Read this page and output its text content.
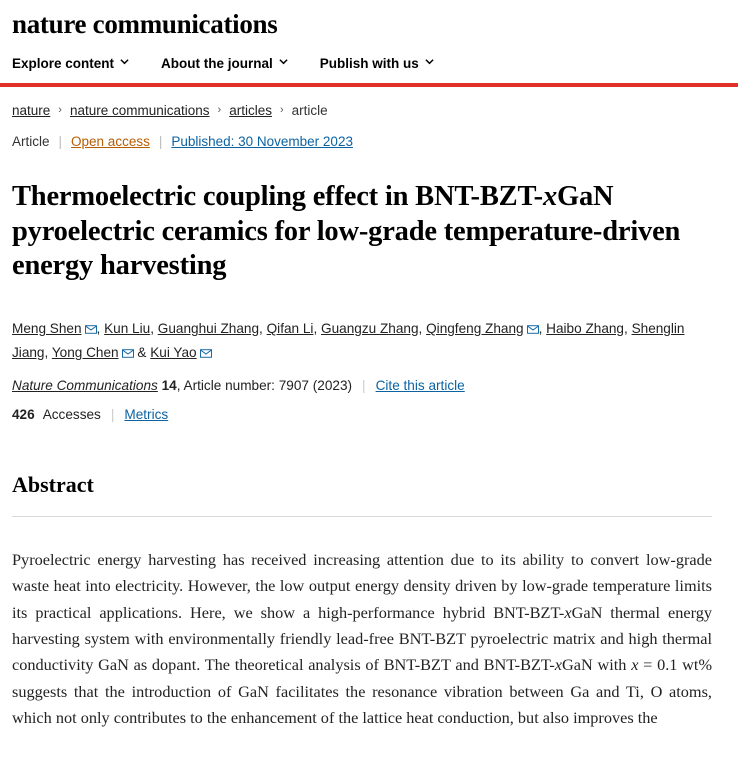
nature communications
Explore content	About the journal	Publish with us
nature › nature communications › articles › article
Article | Open access | Published: 30 November 2023
Thermoelectric coupling effect in BNT-BZT-xGaN pyroelectric ceramics for low-grade temperature-driven energy harvesting
Meng Shen , Kun Liu, Guanghui Zhang, Qifan Li, Guangzu Zhang, Qingfeng Zhang , Haibo Zhang, Shenglin Jiang, Yong Chen & Kui Yao
Nature Communications 14, Article number: 7907 (2023) | Cite this article
426 Accesses | Metrics
Abstract

Pyroelectric energy harvesting has received increasing attention due to its ability to convert low-grade waste heat into electricity. However, the low output energy density driven by low-grade temperature limits its practical applications. Here, we show a high-performance hybrid BNT-BZT-xGaN thermal energy harvesting system with environmentally friendly lead-free BNT-BZT pyroelectric matrix and high thermal conductivity GaN as dopant. The theoretical analysis of BNT-BZT and BNT-BZT-xGaN with x = 0.1 wt% suggests that the introduction of GaN facilitates the resonance vibration between Ga and Ti, O atoms, which not only contributes to the enhancement of the lattice heat conduction, but also improves the
